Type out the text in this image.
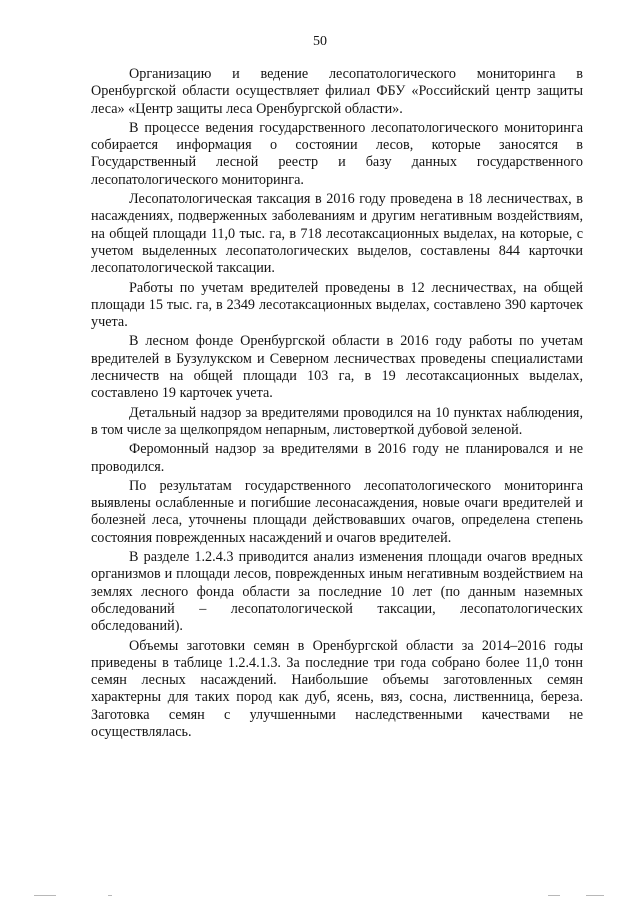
50

Организацию и ведение лесопатологического мониторинга в Оренбургской области осуществляет филиал ФБУ «Российский центр защиты леса» «Центр защиты леса Оренбургской области».

В процессе ведения государственного лесопатологического мониторинга собирается информация о состоянии лесов, которые заносятся в Государственный лесной реестр и базу данных государственного лесопатологического мониторинга.

Лесопатологическая таксация в 2016 году проведена в 18 лесничествах, в насаждениях, подверженных заболеваниям и другим негативным воздействиям, на общей площади 11,0 тыс. га, в 718 лесотаксационных выделах, на которые, с учетом выделенных лесопатологических выделов, составлены 844 карточки лесопатологической таксации.

Работы по учетам вредителей проведены в 12 лесничествах, на общей площади 15 тыс. га, в 2349 лесотаксационных выделах, составлено 390 карточек учета.

В лесном фонде Оренбургской области в 2016 году работы по учетам вредителей в Бузулукском и Северном лесничествах проведены специалистами лесничеств на общей площади 103 га, в 19 лесотаксационных выделах, составлено 19 карточек учета.

Детальный надзор за вредителями проводился на 10 пунктах наблюдения, в том числе за щелкопрядом непарным, листоверткой дубовой зеленой.

Феромонный надзор за вредителями в 2016 году не планировался и не проводился.

По результатам государственного лесопатологического мониторинга выявлены ослабленные и погибшие лесонасаждения, новые очаги вредителей и болезней леса, уточнены площади действовавших очагов, определена степень состояния поврежденных насаждений и очагов вредителей.

В разделе 1.2.4.3 приводится анализ изменения площади очагов вредных организмов и площади лесов, поврежденных иным негативным воздействием на землях лесного фонда области за последние 10 лет (по данным наземных обследований – лесопатологической таксации, лесопатологических обследований).

Объемы заготовки семян в Оренбургской области за 2014–2016 годы приведены в таблице 1.2.4.1.3. За последние три года собрано более 11,0 тонн семян лесных насаждений. Наибольшие объемы заготовленных семян характерны для таких пород как дуб, ясень, вяз, сосна, лиственница, береза. Заготовка семян с улучшенными наследственными качествами не осуществлялась.
